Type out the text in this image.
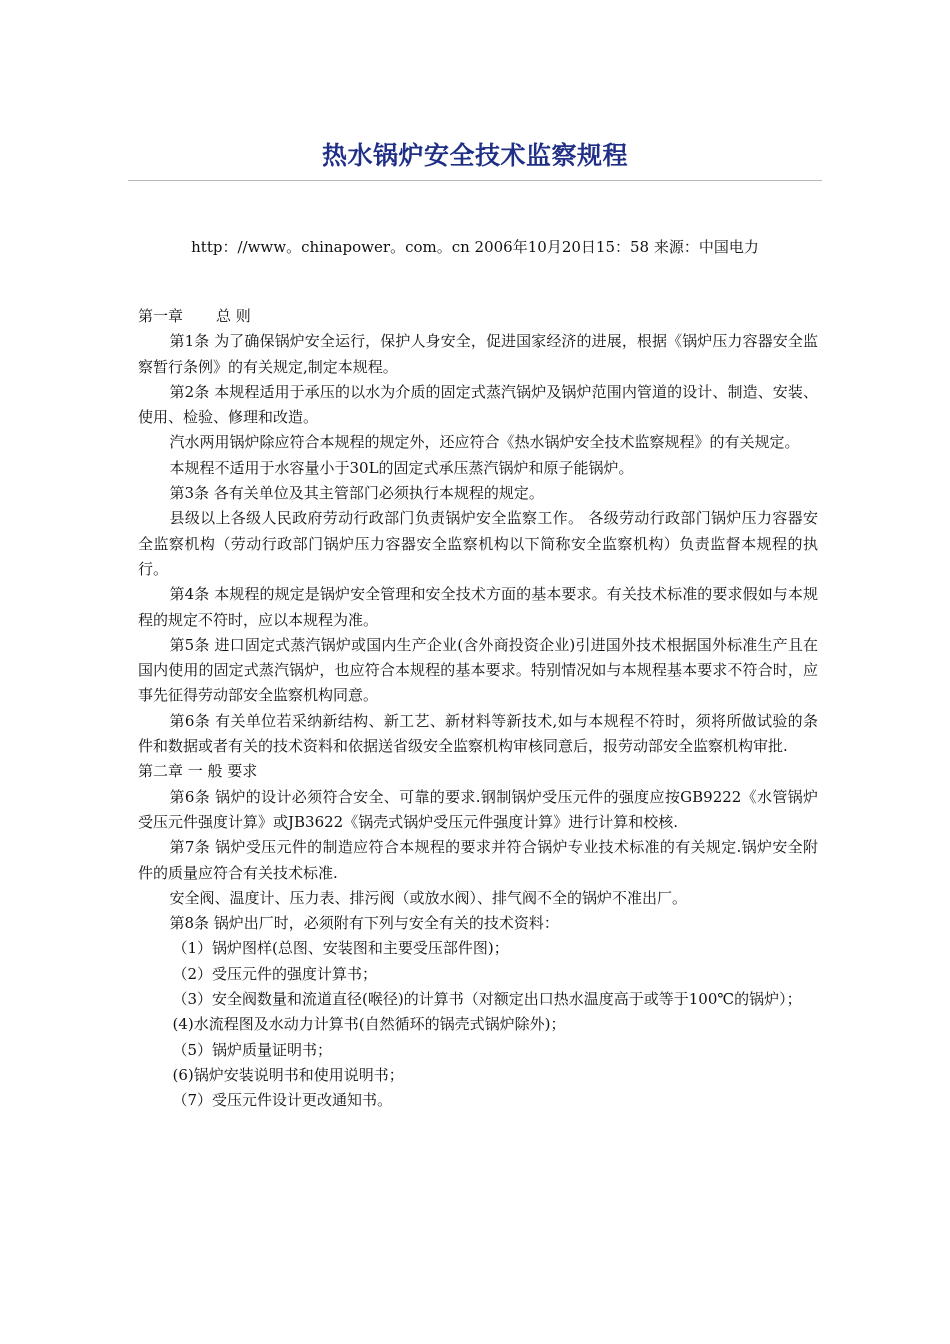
热水锅炉安全技术监察规程
http：//www。chinapower。com。cn 2006年10月20日15：58 来源：中国电力

第一章 总 则

第1条 为了确保锅炉安全运行，保护人身安全，促进国家经济的进展，根据《锅炉压力容器安全监察暂行条例》的有关规定,制定本规程。

第2条 本规程适用于承压的以水为介质的固定式蒸汽锅炉及锅炉范围内管道的设计、制造、安装、使用、检验、修理和改造。

汽水两用锅炉除应符合本规程的规定外，还应符合《热水锅炉安全技术监察规程》的有关规定。

本规程不适用于水容量小于30L的固定式承压蒸汽锅炉和原子能锅炉。

第3条 各有关单位及其主管部门必须执行本规程的规定。

县级以上各级人民政府劳动行政部门负责锅炉安全监察工作。 各级劳动行政部门锅炉压力容器安全监察机构（劳动行政部门锅炉压力容器安全监察机构以下简称安全监察机构）负责监督本规程的执行。

第4条 本规程的规定是锅炉安全管理和安全技术方面的基本要求。有关技术标准的要求假如与本规程的规定不符时，应以本规程为准。

第5条 进口固定式蒸汽锅炉或国内生产企业(含外商投资企业)引进国外技术根据国外标准生产且在国内使用的固定式蒸汽锅炉，也应符合本规程的基本要求。特别情况如与本规程基本要求不符合时，应事先征得劳动部安全监察机构同意。

第6条 有关单位若采纳新结构、新工艺、新材料等新技术,如与本规程不符时，须将所做试验的条件和数据或者有关的技术资料和依据送省级安全监察机构审核同意后，报劳动部安全监察机构审批.

第二章 一 般 要求

第6条 锅炉的设计必须符合安全、可靠的要求.钢制锅炉受压元件的强度应按GB9222《水管锅炉受压元件强度计算》或JB3622《锅壳式锅炉受压元件强度计算》进行计算和校核.

第7条 锅炉受压元件的制造应符合本规程的要求并符合锅炉专业技术标准的有关规定.锅炉安全附件的质量应符合有关技术标准.

安全阀、温度计、压力表、排污阀（或放水阀）、排气阀不全的锅炉不准出厂。

第8条 锅炉出厂时，必须附有下列与安全有关的技术资料：

（1）锅炉图样(总图、安装图和主要受压部件图)；

（2）受压元件的强度计算书；

（3）安全阀数量和流道直径(喉径)的计算书（对额定出口热水温度高于或等于100℃的锅炉）；

(4)水流程图及水动力计算书(自然循环的锅壳式锅炉除外)；

（5）锅炉质量证明书；

(6)锅炉安装说明书和使用说明书；

（7）受压元件设计更改通知书。
